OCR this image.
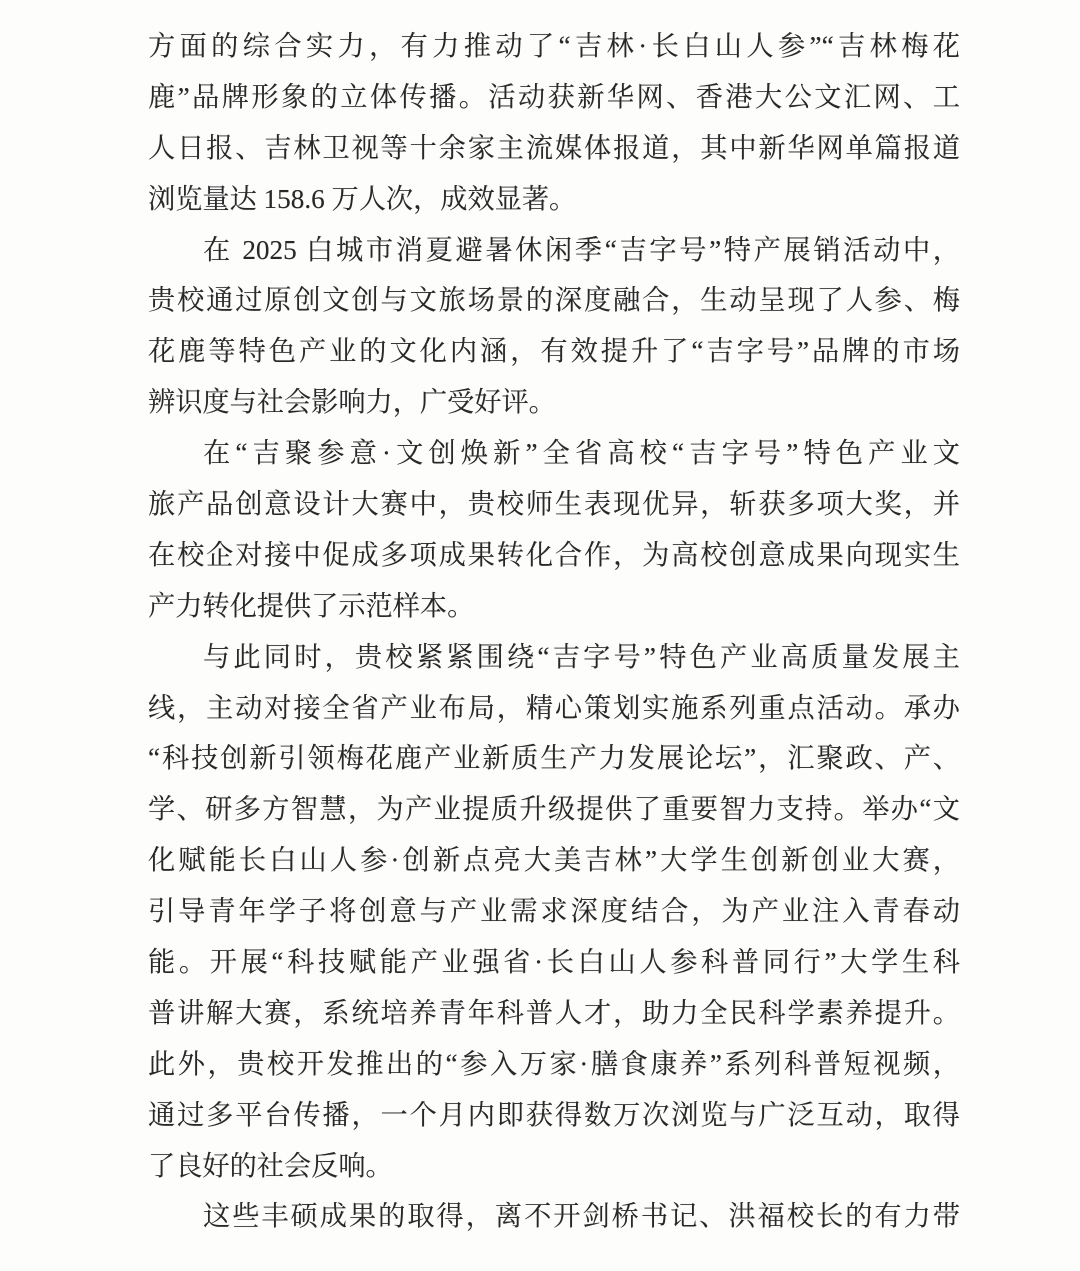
方面的综合实力，有力推动了“吉林·长白山人参”“吉林梅花
鹿”品牌形象的立体传播。活动获新华网、香港大公文汇网、工
人日报、吉林卫视等十余家主流媒体报道，其中新华网单篇报道
浏览量达 158.6 万人次，成效显著。
在 2025 白城市消夏避暑休闲季“吉字号”特产展销活动中，
贵校通过原创文创与文旅场景的深度融合，生动呈现了人参、梅
花鹿等特色产业的文化内涵，有效提升了“吉字号”品牌的市场
辨识度与社会影响力，广受好评。
在“吉聚参意·文创焕新”全省高校“吉字号”特色产业文
旅产品创意设计大赛中，贵校师生表现优异，斩获多项大奖，并
在校企对接中促成多项成果转化合作，为高校创意成果向现实生
产力转化提供了示范样本。
与此同时，贵校紧紧围绕“吉字号”特色产业高质量发展主
线，主动对接全省产业布局，精心策划实施系列重点活动。承办
“科技创新引领梅花鹿产业新质生产力发展论坛”，汇聚政、产、
学、研多方智慧，为产业提质升级提供了重要智力支持。举办“文
化赋能长白山人参·创新点亮大美吉林”大学生创新创业大赛，
引导青年学子将创意与产业需求深度结合，为产业注入青春动
能。开展“科技赋能产业强省·长白山人参科普同行”大学生科
普讲解大赛，系统培养青年科普人才，助力全民科学素养提升。
此外，贵校开发推出的“参入万家·膳食康养”系列科普短视频，
通过多平台传播，一个月内即获得数万次浏览与广泛互动，取得
了良好的社会反响。
这些丰硕成果的取得，离不开剑桥书记、洪福校长的有力带
